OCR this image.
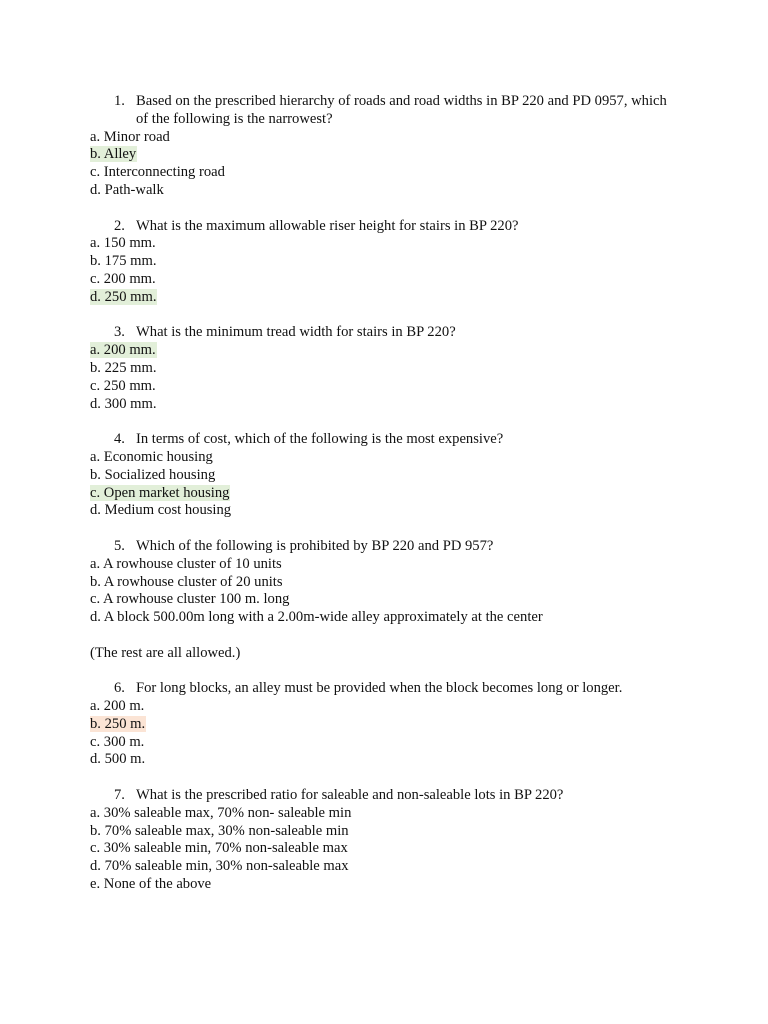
1. Based on the prescribed hierarchy of roads and road widths in BP 220 and PD 0957, which of the following is the narrowest?
a. Minor road
b. Alley
c. Interconnecting road
d. Path-walk
2. What is the maximum allowable riser height for stairs in BP 220?
a. 150 mm.
b. 175 mm.
c. 200 mm.
d. 250 mm.
3. What is the minimum tread width for stairs in BP 220?
a. 200 mm.
b. 225 mm.
c. 250 mm.
d. 300 mm.
4. In terms of cost, which of the following is the most expensive?
a. Economic housing
b. Socialized housing
c. Open market housing
d. Medium cost housing
5. Which of the following is prohibited by BP 220 and PD 957?
a. A rowhouse cluster of 10 units
b. A rowhouse cluster of 20 units
c. A rowhouse cluster 100 m. long
d. A block 500.00m long with a 2.00m-wide alley approximately at the center
(The rest are all allowed.)
6. For long blocks, an alley must be provided when the block becomes long or longer.
a. 200 m.
b. 250 m.
c. 300 m.
d. 500 m.
7. What is the prescribed ratio for saleable and non-saleable lots in BP 220?
a. 30% saleable max, 70% non- saleable min
b. 70% saleable max, 30% non-saleable min
c. 30% saleable min, 70% non-saleable max
d. 70% saleable min, 30% non-saleable max
e. None of the above
